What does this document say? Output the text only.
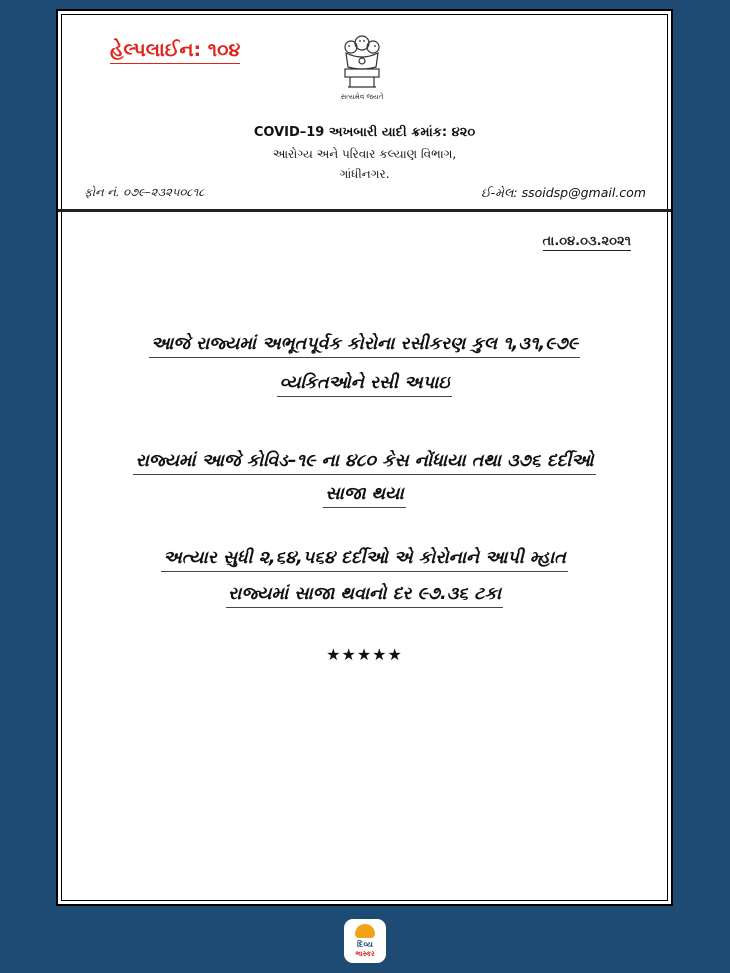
હેલ્પલાઈન: ૧૦૪
સત્યમેવ જયતે
COVID–19 અખબારી યાદી ક્રમાંક: ૪૨૦
આરોગ્ય અને પરિવાર કલ્યાણ વિભાગ,
ગાંધીનગર.
ફોન નં. ૦૭૯–૨૩૨૫૦૮૧૮	ઈ-મેલ: ssoidsp@gmail.com
તા.૦૪.૦૩.૨૦૨૧
આજે રાજ્યમાં અભૂતપૂર્વક કોરોના રસીકરણ કુલ ૧,૩૧,૯૭૯
વ્યકિતઓને રસી અપાઇ
રાજ્યમાં આજે કોવિડ–૧૯ ના ૪૮૦ કેસ નોંધાયા તથા ૩૭૬ દર્દીઓ
સાજા થયા
અત્યાર સુધી ૨,૬૪,૫૬૪ દર્દીઓ એ કોરોનાને આપી મ્હાત
રાજ્યમાં સાજા થવાનો દર ૯૭.૩૬ ટકા
★★★★★
દિવ્ય
ભાસ્કર
